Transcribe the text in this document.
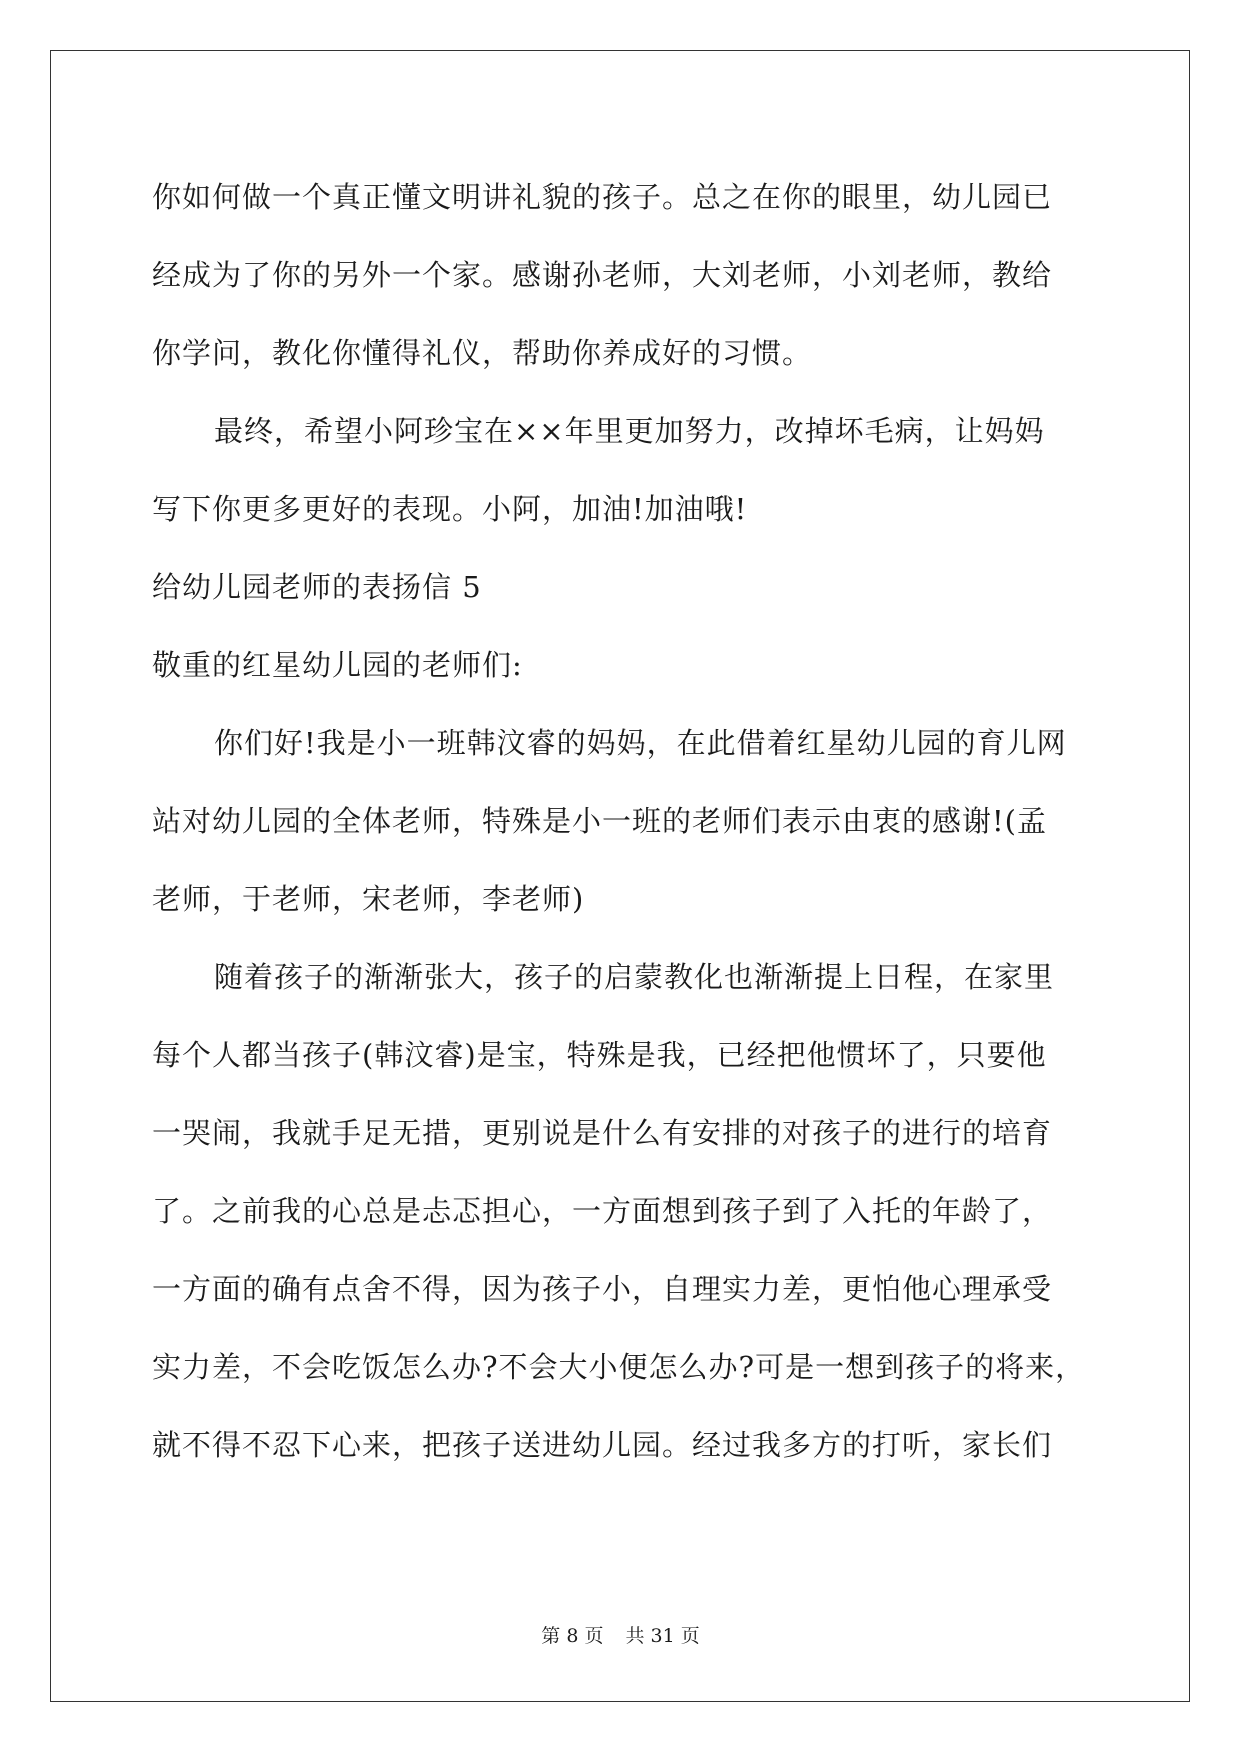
你如何做一个真正懂文明讲礼貌的孩子。总之在你的眼里，幼儿园已
经成为了你的另外一个家。感谢孙老师，大刘老师，小刘老师，教给
你学问，教化你懂得礼仪，帮助你养成好的习惯。
最终，希望小阿珍宝在××年里更加努力，改掉坏毛病，让妈妈
写下你更多更好的表现。小阿，加油!加油哦!
给幼儿园老师的表扬信 5
敬重的红星幼儿园的老师们:
你们好!我是小一班韩汶睿的妈妈，在此借着红星幼儿园的育儿网
站对幼儿园的全体老师，特殊是小一班的老师们表示由衷的感谢!(孟
老师，于老师，宋老师，李老师)
随着孩子的渐渐张大，孩子的启蒙教化也渐渐提上日程，在家里
每个人都当孩子(韩汶睿)是宝，特殊是我，已经把他惯坏了，只要他
一哭闹，我就手足无措，更别说是什么有安排的对孩子的进行的培育
了。之前我的心总是忐忑担心，一方面想到孩子到了入托的年龄了，
一方面的确有点舍不得，因为孩子小，自理实力差，更怕他心理承受
实力差，不会吃饭怎么办?不会大小便怎么办?可是一想到孩子的将来，
就不得不忍下心来，把孩子送进幼儿园。经过我多方的打听，家长们
第 8 页 共 31 页
